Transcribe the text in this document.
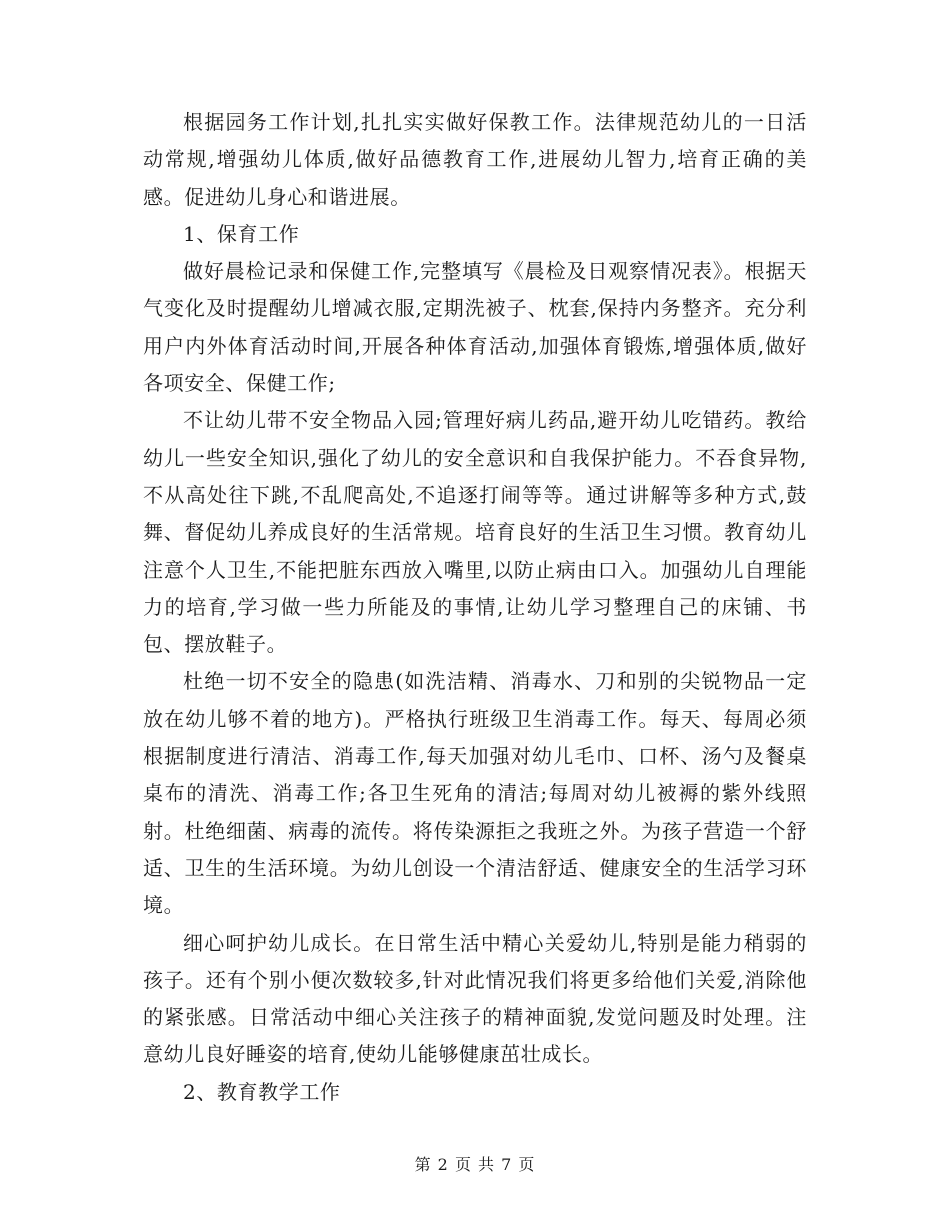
根据园务工作计划,扎扎实实做好保教工作。法律规范幼儿的一日活动常规,增强幼儿体质,做好品德教育工作,进展幼儿智力,培育正确的美感。促进幼儿身心和谐进展。

1、保育工作

做好晨检记录和保健工作,完整填写《晨检及日观察情况表》。根据天气变化及时提醒幼儿增减衣服,定期洗被子、枕套,保持内务整齐。充分利用户内外体育活动时间,开展各种体育活动,加强体育锻炼,增强体质,做好各项安全、保健工作;

不让幼儿带不安全物品入园;管理好病儿药品,避开幼儿吃错药。教给幼儿一些安全知识,强化了幼儿的安全意识和自我保护能力。不吞食异物,不从高处往下跳,不乱爬高处,不追逐打闹等等。通过讲解等多种方式,鼓舞、督促幼儿养成良好的生活常规。培育良好的生活卫生习惯。教育幼儿注意个人卫生,不能把脏东西放入嘴里,以防止病由口入。加强幼儿自理能力的培育,学习做一些力所能及的事情,让幼儿学习整理自己的床铺、书包、摆放鞋子。

杜绝一切不安全的隐患(如洗洁精、消毒水、刀和别的尖锐物品一定放在幼儿够不着的地方)。严格执行班级卫生消毒工作。每天、每周必须根据制度进行清洁、消毒工作,每天加强对幼儿毛巾、口杯、汤勺及餐桌桌布的清洗、消毒工作;各卫生死角的清洁;每周对幼儿被褥的紫外线照射。杜绝细菌、病毒的流传。将传染源拒之我班之外。为孩子营造一个舒适、卫生的生活环境。为幼儿创设一个清洁舒适、健康安全的生活学习环境。

细心呵护幼儿成长。在日常生活中精心关爱幼儿,特别是能力稍弱的孩子。还有个别小便次数较多,针对此情况我们将更多给他们关爱,消除他的紧张感。日常活动中细心关注孩子的精神面貌,发觉问题及时处理。注意幼儿良好睡姿的培育,使幼儿能够健康茁壮成长。

2、教育教学工作

第 2 页 共 7 页
